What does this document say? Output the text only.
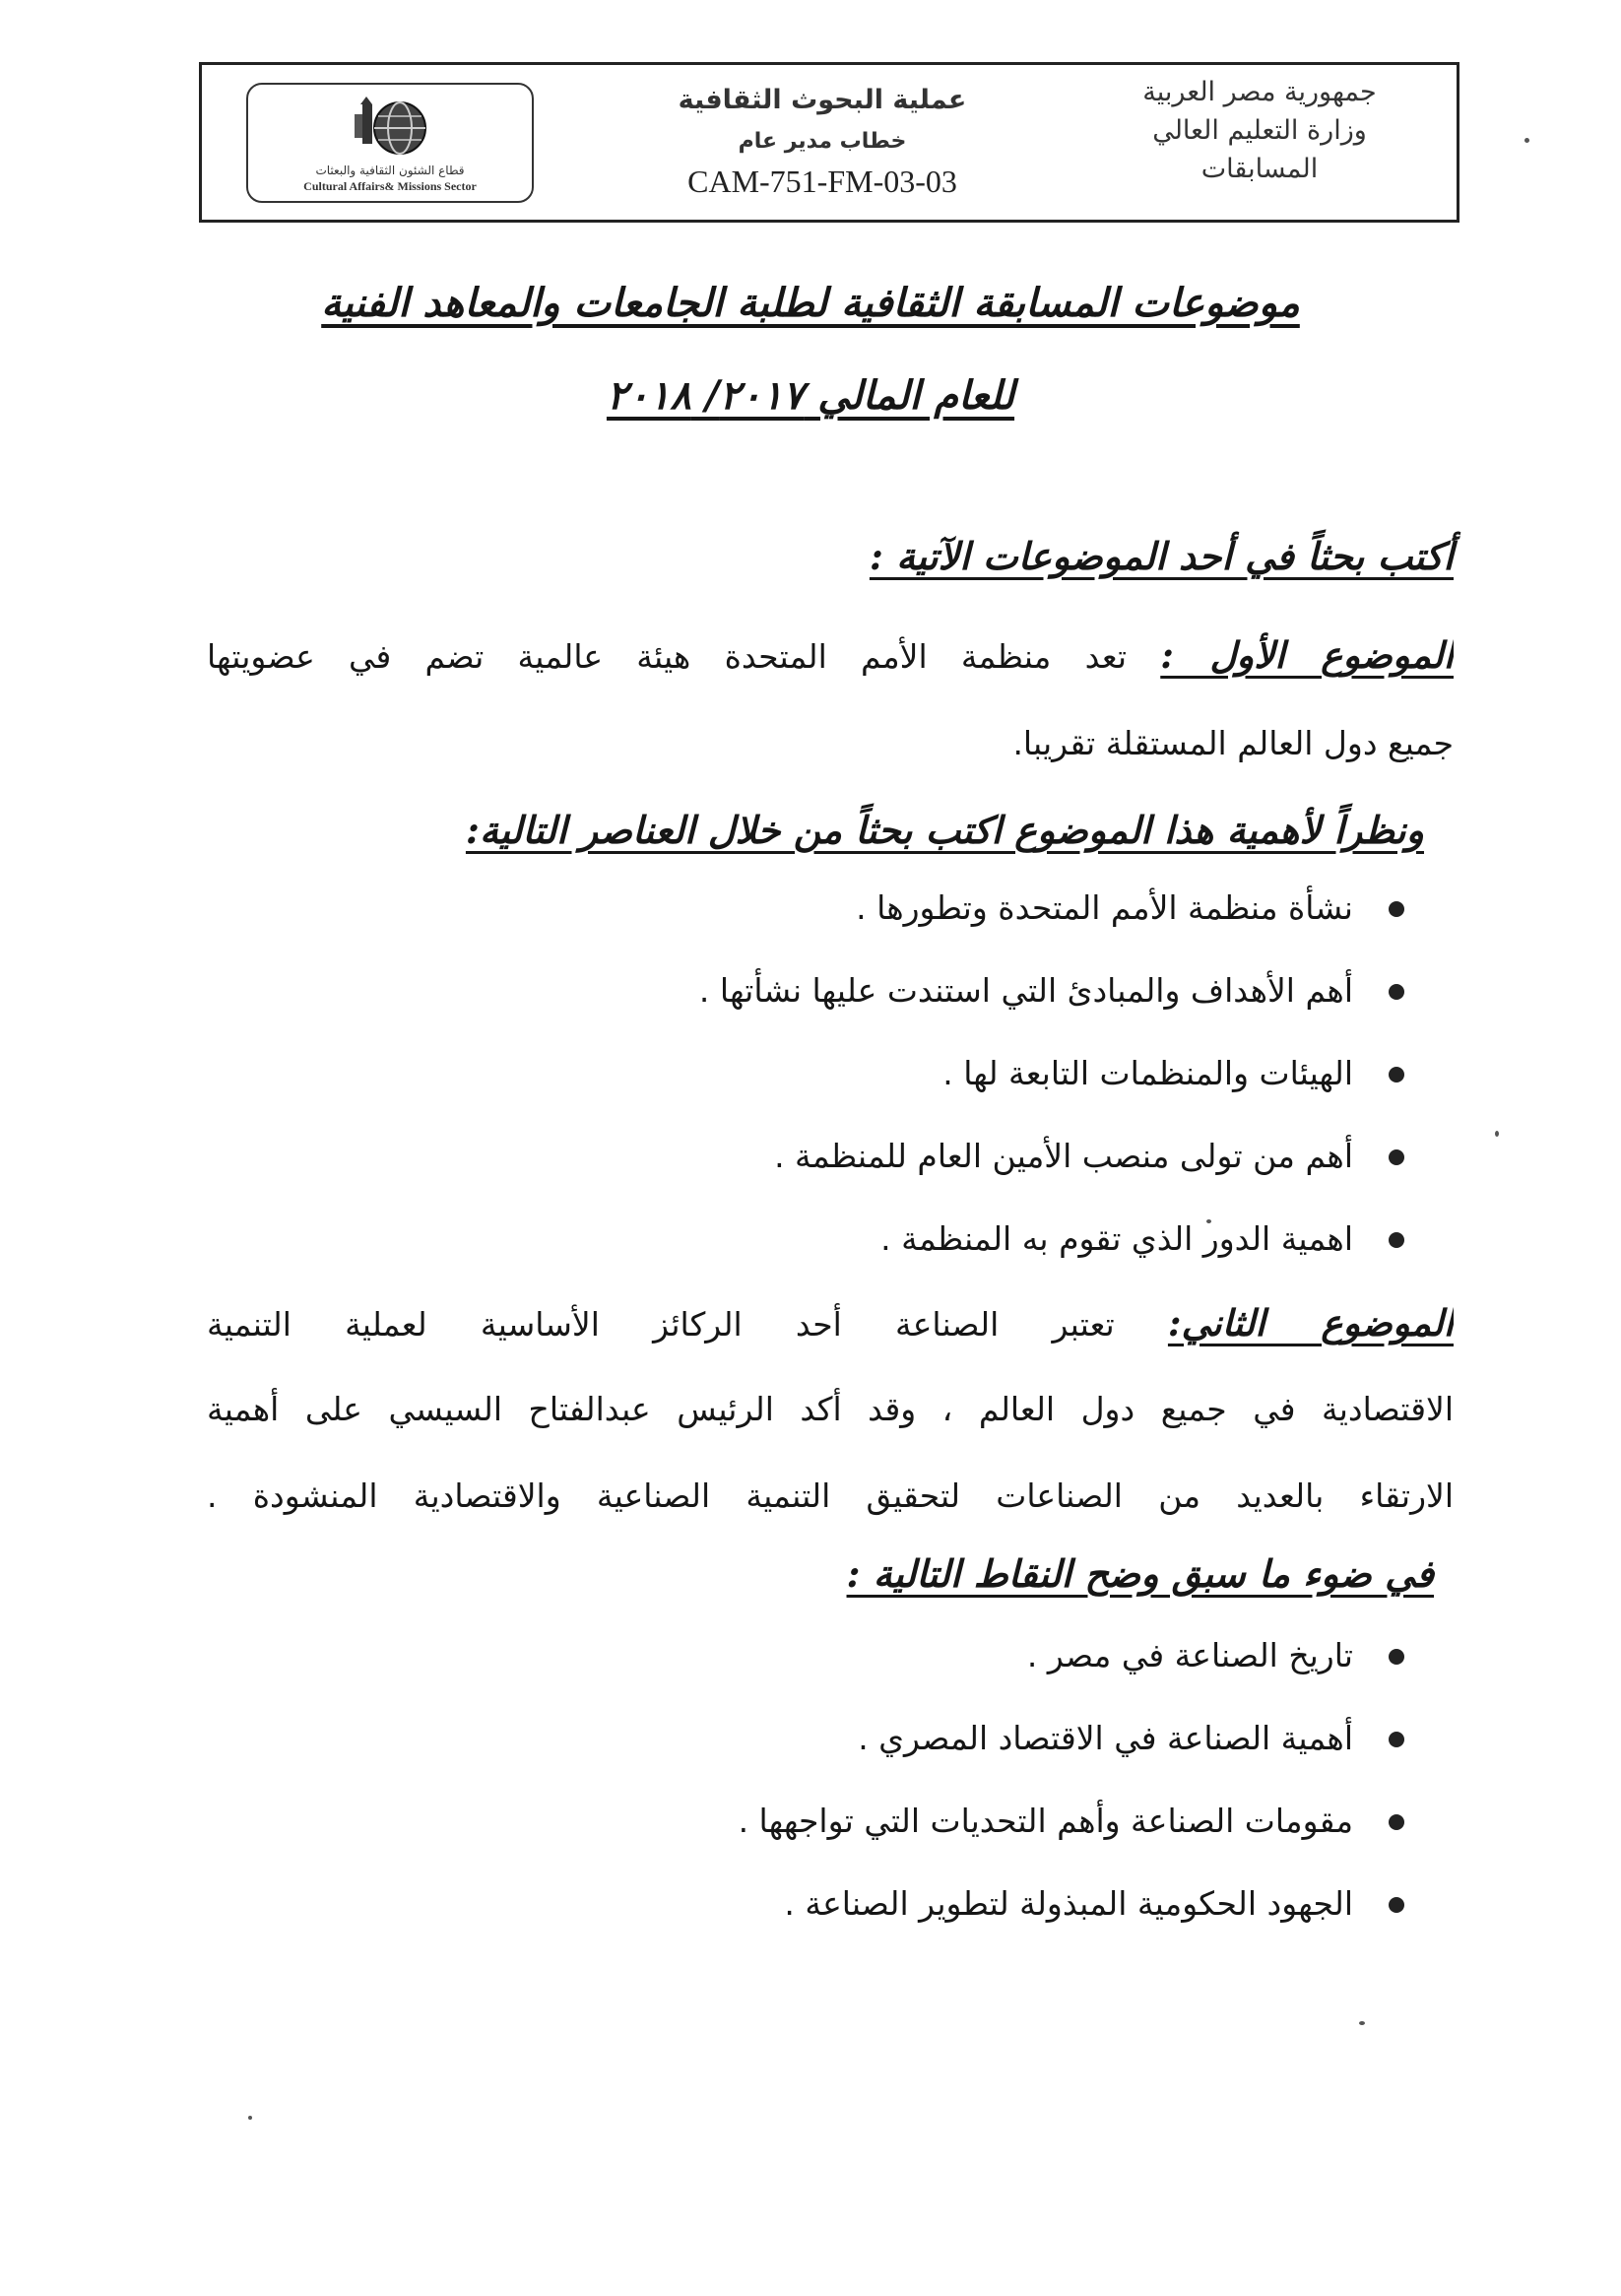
جمهورية مصر العربية
وزارة التعليم العالي
المسابقات
عملية البحوث الثقافية
خطاب مدير عام
CAM-751-FM-03-03
قطاع الشئون الثقافية والبعثات
Cultural Affairs& Missions Sector
موضوعات المسابقة الثقافية لطلبة الجامعات والمعاهد الفنية
للعام المالي ٢٠١٧/ ٢٠١٨
أكتب بحثاً في أحد الموضوعات الآتية :
الموضوع الأول : تعد منظمة الأمم المتحدة هيئة عالمية تضم في عضويتها
جميع دول العالم المستقلة تقريبا.
ونظراً لأهمية هذا الموضوع اكتب بحثاً من خلال العناصر التالية:
نشأة منظمة الأمم المتحدة وتطورها .
أهم الأهداف والمبادئ التي استندت عليها نشأتها .
الهيئات والمنظمات التابعة لها .
أهم من تولى منصب الأمين العام للمنظمة .
اهمية الدور الذي تقوم به المنظمة .
الموضوع الثاني: تعتبر الصناعة أحد الركائز الأساسية لعملية التنمية
الاقتصادية في جميع دول العالم ، وقد أكد الرئيس عبدالفتاح السيسي على أهمية
الارتقاء بالعديد من الصناعات لتحقيق التنمية الصناعية والاقتصادية المنشودة .
في ضوء ما سبق وضح النقاط التالية :
تاريخ الصناعة في مصر .
أهمية الصناعة في الاقتصاد المصري .
مقومات الصناعة وأهم التحديات التي تواجهها .
الجهود الحكومية المبذولة لتطوير الصناعة .
